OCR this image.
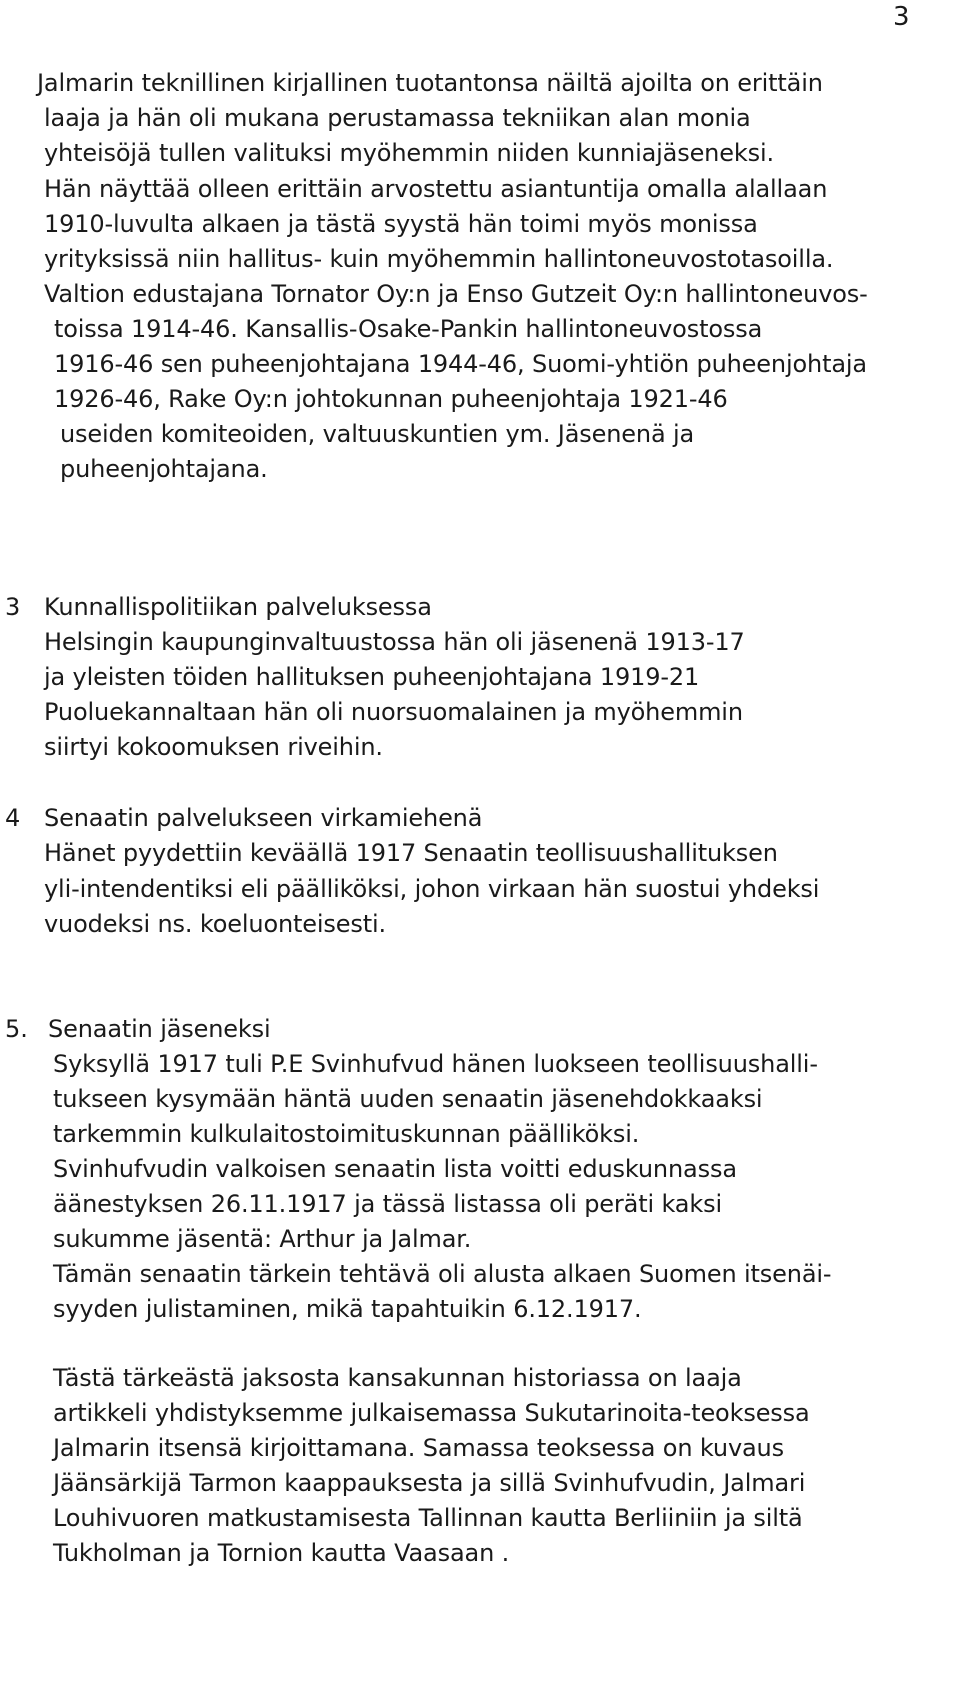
3
Jalmarin teknillinen kirjallinen tuotantonsa näiltä ajoilta on erittäin
laaja ja hän oli mukana perustamassa tekniikan alan monia
yhteisöjä tullen valituksi myöhemmin niiden kunniajäseneksi.
Hän näyttää olleen erittäin arvostettu asiantuntija omalla alallaan
1910-luvulta alkaen ja tästä syystä hän toimi myös monissa
yrityksissä niin hallitus- kuin myöhemmin hallintoneuvostotasoilla.
Valtion edustajana Tornator Oy:n ja Enso Gutzeit Oy:n hallintoneuvos-
toissa 1914-46. Kansallis-Osake-Pankin hallintoneuvostossa
1916-46 sen puheenjohtajana 1944-46, Suomi-yhtiön puheenjohtaja
1926-46, Rake Oy:n johtokunnan puheenjohtaja 1921-46
useiden komiteoiden, valtuuskuntien ym. Jäsenenä ja
puheenjohtajana.
3 Kunnallispolitiikan palveluksessa
Helsingin kaupunginvaltuustossa hän oli jäsenenä 1913-17
ja yleisten töiden hallituksen puheenjohtajana 1919-21
Puoluekannaltaan hän oli nuorsuomalainen ja myöhemmin
siirtyi kokoomuksen riveihin.
4 Senaatin palvelukseen virkamiehenä
Hänet pyydettiin keväällä 1917 Senaatin teollisuushallituksen
yli-intendentiksi eli päälliköksi, johon virkaan hän suostui yhdeksi
vuodeksi ns. koeluonteisesti.
5. Senaatin jäseneksi
Syksyllä 1917 tuli P.E Svinhufvud hänen luokseen teollisuushalli-
tukseen kysymään häntä uuden senaatin jäsenehdokkaaksi
tarkemmin kulkulaitostoimituskunnan päälliköksi.
Svinhufvudin valkoisen senaatin lista voitti eduskunnassa
äänestyksen 26.11.1917 ja tässä listassa oli peräti kaksi
sukumme jäsentä: Arthur ja Jalmar.
Tämän senaatin tärkein tehtävä oli alusta alkaen Suomen itsenäi-
syyden julistaminen, mikä tapahtuikin 6.12.1917.
Tästä tärkeästä jaksosta kansakunnan historiassa on laaja
artikkeli yhdistyksemme julkaisemassa Sukutarinoita-teoksessa
Jalmarin itsensä kirjoittamana. Samassa teoksessa on kuvaus
Jäänsärkijä Tarmon kaappauksesta ja sillä Svinhufvudin, Jalmari
Louhivuoren matkustamisesta Tallinnan kautta Berliiniin ja siltä
Tukholman ja Tornion kautta Vaasaan .
